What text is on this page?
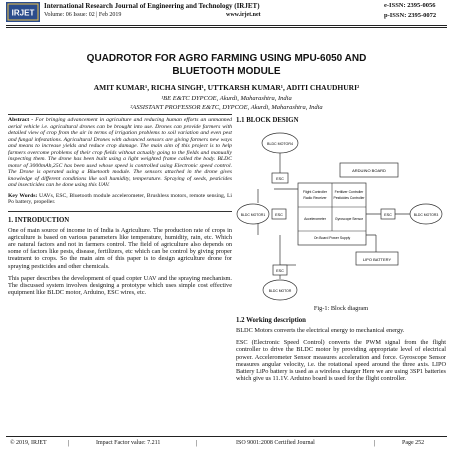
IRJET
International Research Journal of Engineering and Technology (IRJET)
Volume: 06 Issue: 02 | Feb 2019	www.irjet.net
e-ISSN: 2395-0056
p-ISSN: 2395-0072
QUADROTOR FOR AGRO FARMING USING MPU-6050 AND
BLUETOOTH MODULE
AMIT KUMAR¹, RICHA SINGH¹, UTTKARSH KUMAR¹, ADITI CHAUDHURI²
¹BE E&TC DYPCOE, Akurdi, Maharashtra, India
²ASSISTANT PROFESSOR E&TC, DYPCOE, Akurdi, Maharashtra, India

Abstract - For bringing advancement in agriculture and reducing human efforts an unmanned aerial vehicle i.e. agricultural drones can be brought into use. Drones can provide farmers with detailed view of crop from the air in terms of irrigation problems to soil variation and even pest and fungal infestations. Agricultural Drones with advanced sensors are giving farmers new ways and means to increase yields and reduce crop damage. The main aim of this project is to help farmers overcome problems of their crop fields without actually going to the fields and manually inspecting them. The drone has been built using a light weighted frame called the body. BLDC motor of 3000mAh,25C has been used whose speed is controlled using Electronic speed control. The Drone is operated using a Bluetooth module. The sensors attached in the drone gives knowledge of different conditions like soil humidity, temperature. Spraying of seeds, pesticides and insecticides can be done using this UAV.

Key Words: UAVs, ESC, Bluetooth module accelerometer, Brushless motors, remote sensing, Li Po battery, propeller.

1. INTRODUCTION

One of main source of income in of India is Agriculture. The production rate of crops in agriculture is based on various parameters like temperature, humidity, rain, etc. Which are natural factors and not in farmers control. The field of agriculture also depends on some of factors like pests, disease, fertilizers, etc which can be control by giving proper treatment to crops. So the main aim of this paper is to design agriculture drone for spraying pesticides and other chemicals.

This paper describes the development of quad copter UAV and the spraying mechanism. The discussed system involves designing a prototype which uses simple cost effective equipment like BLDC motor, Arduino, ESC wires, etc.

1.1 BLOCK DESIGN
BLDC MOTOR4
ESC
ARDUINO BOARD
Flight Controller
Radio Receiver
Fertilizer Controller
Pesticides Controller
Accelerometer	Gyroscope Sensor
On Board Power Supply
BLDC MOTOR1	ESC	ESC	BLDC MOTOR3
LIPO BATTERY
ESC
BLDC MOTOR
Fig-1: Block diagram
1.2 Working description

BLDC Motors converts the electrical energy to mechanical energy.

ESC (Electronic Speed Control) converts the PWM signal from the flight controller to drive the BLDC motor by providing appropriate level of electrical power. Accelerometer Sensor measures acceleration and force. Gyroscope Sensor measures angular velocity, i.e. the rotational speed around the three axis. LIPO Battery LiPo battery is used as a wireless charger Here we are using 3SP1 batteries which give us 11.1V. Arduino board is used for the flight controller.

© 2019, IRJET	|	Impact Factor value: 7.211	|	ISO 9001:2008 Certified Journal	|	Page 252
